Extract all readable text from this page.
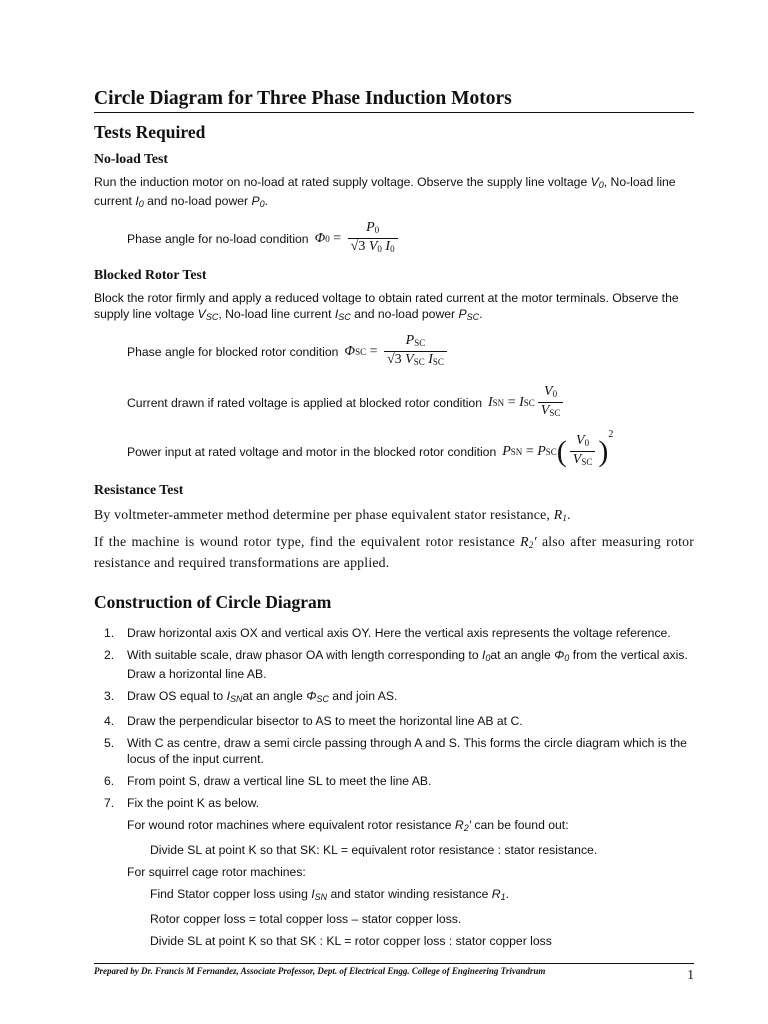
Circle Diagram for Three Phase Induction Motors
Tests Required
No-load Test

Run the induction motor on no-load at rated supply voltage. Observe the supply line voltage $V_0$, No-load line current $I_0$ and no-load power $P_0$.

Phase angle for no-load condition Φ $0 = P_0$
√ 3 $V_0$ $I_0$
Blocked Rotor Test

Block the rotor firmly and apply a reduced voltage to obtain rated current at the motor terminals. Observe the supply line voltage $V_{SC}$, No-load line current $I_{SC}$ and no-load power $P_{SC}$.

Phase angle for blocked rotor condition Φ SC = $P_{SC}$
√ 3 $V_{SC}$ $I_{SC}$
Current drawn if rated voltage is applied at blocked rotor condition I SN = I SC $\frac{V_0}{V_{SC}}$
Power input at rated voltage and motor in the blocked rotor condition P SN = P SC ( $\frac{V_0}{V_{SC}}$ ) 2
Resistance Test

By voltmeter-ammeter method determine per phase equivalent stator resistance, $R_1$.

If the machine is wound rotor type, find the equivalent rotor resistance $R_2'$ also after measuring rotor resistance and required transformations are applied.

Construction of Circle Diagram
1. Draw horizontal axis OX and vertical axis OY. Here the vertical axis represents the voltage reference.
2. With suitable scale, draw phasor OA with length corresponding to $I_0at$ an angle $\Phi_0$ from the vertical axis. Draw a horizontal line AB.
3. Draw OS equal to $I_{SN}at$ an angle $\Phi_{SC}$ and join AS.
4. Draw the perpendicular bisector to AS to meet the horizontal line AB at C.
5. With C as centre, draw a semi circle passing through A and S. This forms the circle diagram which is the locus of the input current.
6. From point S, draw a vertical line SL to meet the line AB.
7. Fix the point K as below.
For wound rotor machines where equivalent rotor resistance $R_2'$ can be found out:
Divide SL at point K so that SK: KL = equivalent rotor resistance : stator resistance.
For squirrel cage rotor machines:
Find Stator copper loss using $I_{SN}$ and stator winding resistance $R_1$.
Rotor copper loss = total copper loss – stator copper loss.
Divide SL at point K so that SK : KL = rotor copper loss : stator copper loss
Prepared by Dr. Francis M Fernandez, Associate Professor, Dept. of Electrical Engg. College of Engineering Trivandrum	1
